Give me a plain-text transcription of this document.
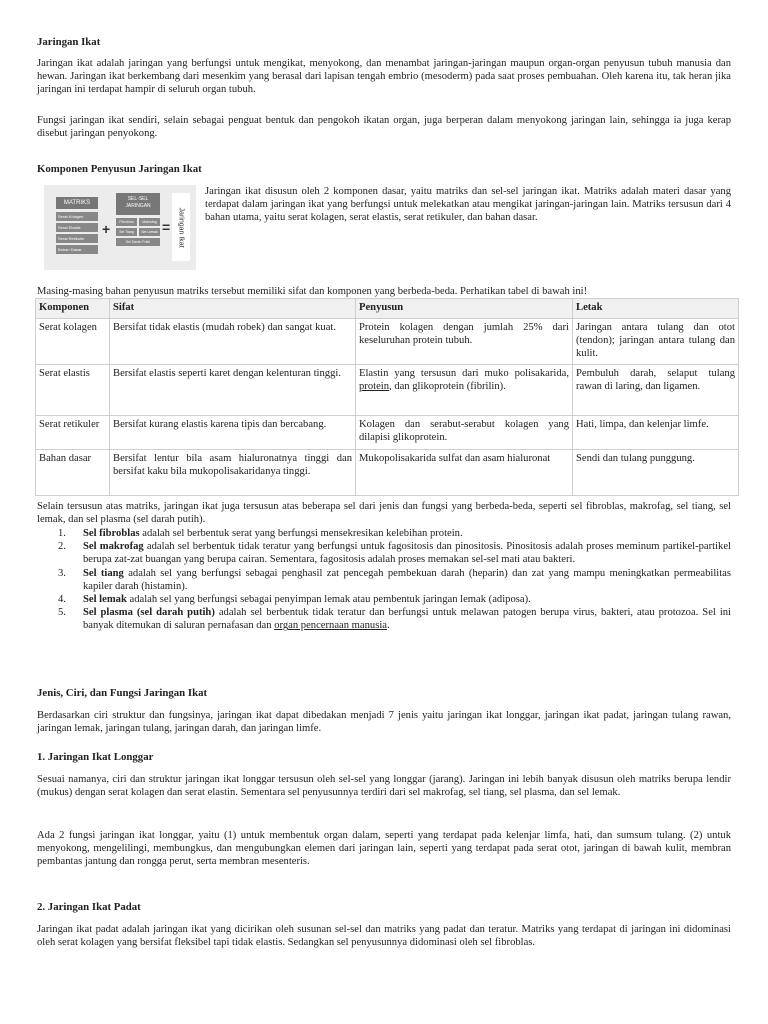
Jaringan Ikat

Jaringan ikat adalah jaringan yang berfungsi untuk mengikat, menyokong, dan menambat jaringan-jaringan maupun organ-organ penyusun tubuh manusia dan hewan. Jaringan ikat berkembang dari mesenkim yang berasal dari lapisan tengah embrio (mesoderm) pada saat proses pembuahan. Oleh karena itu, tak heran jika jaringan ini terdapat hampir di seluruh organ tubuh.

Fungsi jaringan ikat sendiri, selain sebagai penguat bentuk dan pengokoh ikatan organ, juga berperan dalam menyokong jaringan lain, sehingga ia juga kerap disebut jaringan penyokong.

Komponen Penyusun Jaringan Ikat
MATRIKS
Serat Kolagen
Serat Elastis
Serat Retikuler
Bahan Dasar
+
SEL-SEL JARINGAN
Fibroblas	Makrofag
Sel Tiang	Sel Lemak
Sel Darah Putih
=	Jaringan Ikat

Jaringan ikat disusun oleh 2 komponen dasar, yaitu matriks dan sel-sel jaringan ikat. Matriks adalah materi dasar yang terdapat dalam jaringan ikat yang berfungsi untuk melekatkan atau mengikat jaringan-jaringan lain. Matriks tersusun dari 4 bahan utama, yaitu serat kolagen, serat elastis, serat retikuler, dan bahan dasar.

Masing-masing bahan penyusun matriks tersebut memiliki sifat dan komponen yang berbeda-beda. Perhatikan tabel di bawah ini!

Komponen	Sifat	Penyusun	Letak
Serat kolagen	Bersifat tidak elastis (mudah robek) dan sangat kuat.	Protein kolagen dengan jumlah 25% dari keseluruhan protein tubuh.	Jaringan antara tulang dan otot (tendon); jaringan antara tulang dan kulit.
Serat elastis	Bersifat elastis seperti karet dengan kelenturan tinggi.	Elastin yang tersusun dari muko polisakarida, protein, dan glikoprotein (fibrilin).	Pembuluh darah, selaput tulang rawan di laring, dan ligamen.
Serat retikuler	Bersifat kurang elastis karena tipis dan bercabang.	Kolagen dan serabut-serabut kolagen yang dilapisi glikoprotein.	Hati, limpa, dan kelenjar limfe.
Bahan dasar	Bersifat lentur bila asam hialuronatnya tinggi dan bersifat kaku bila mukopolisakaridanya tinggi.	Mukopolisakarida sulfat dan asam hialuronat	Sendi dan tulang punggung.

Selain tersusun atas matriks, jaringan ikat juga tersusun atas beberapa sel dari jenis dan fungsi yang berbeda-beda, seperti sel fibroblas, makrofag, sel tiang, sel lemak, dan sel plasma (sel darah putih).

1. Sel fibroblas adalah sel berbentuk serat yang berfungsi mensekresikan kelebihan protein.
2. Sel makrofag adalah sel berbentuk tidak teratur yang berfungsi untuk fagositosis dan pinositosis. Pinositosis adalah proses meminum partikel-partikel berupa zat-zat buangan yang berupa cairan. Sementara, fagositosis adalah proses memakan sel-sel mati atau bakteri.
3. Sel tiang adalah sel yang berfungsi sebagai penghasil zat pencegah pembekuan darah (heparin) dan zat yang mampu meningkatkan permeabilitas kapiler darah (histamin).
4. Sel lemak adalah sel yang berfungsi sebagai penyimpan lemak atau pembentuk jaringan lemak (adiposa).
5. Sel plasma (sel darah putih) adalah sel berbentuk tidak teratur dan berfungsi untuk melawan patogen berupa virus, bakteri, atau protozoa. Sel ini banyak ditemukan di saluran pernafasan dan organ pencernaan manusia.
Jenis, Ciri, dan Fungsi Jaringan Ikat

Berdasarkan ciri struktur dan fungsinya, jaringan ikat dapat dibedakan menjadi 7 jenis yaitu jaringan ikat longgar, jaringan ikat padat, jaringan tulang rawan, jaringan lemak, jaringan tulang, jaringan darah, dan jaringan limfe.

1. Jaringan Ikat Longgar

Sesuai namanya, ciri dan struktur jaringan ikat longgar tersusun oleh sel-sel yang longgar (jarang). Jaringan ini lebih banyak disusun oleh matriks berupa lendir (mukus) dengan serat kolagen dan serat elastin. Sementara sel penyusunnya terdiri dari sel makrofag, sel tiang, sel plasma, dan sel lemak.

Ada 2 fungsi jaringan ikat longgar, yaitu (1) untuk membentuk organ dalam, seperti yang terdapat pada kelenjar limfa, hati, dan sumsum tulang. (2) untuk menyokong, mengelilingi, membungkus, dan mengubungkan elemen dari jaringan lain, seperti yang terdapat pada serat otot, jaringan di bawah kulit, membran pembantas jantung dan rongga perut, serta membran mesenteris.

2. Jaringan Ikat Padat

Jaringan ikat padat adalah jaringan ikat yang dicirikan oleh susunan sel-sel dan matriks yang padat dan teratur. Matriks yang terdapat di jaringan ini didominasi oleh serat kolagen yang bersifat fleksibel tapi tidak elastis. Sedangkan sel penyusunnya didominasi oleh sel fibroblas.
